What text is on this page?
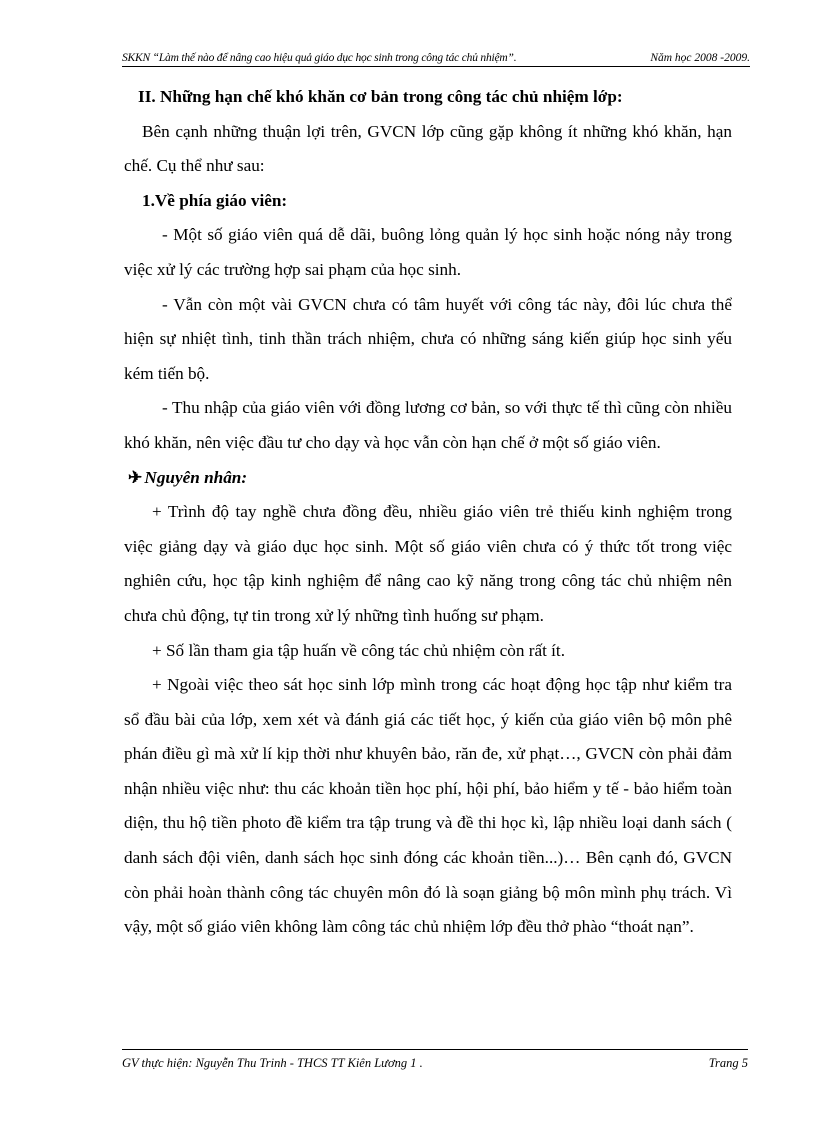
SKKN “Làm thế nào để nâng cao hiệu quả giáo dục học sinh trong công tác chủ nhiệm”.	Năm học 2008 -2009.

II. Những hạn chế khó khăn cơ bản trong công tác chủ nhiệm lớp:

Bên cạnh những thuận lợi trên, GVCN lớp cũng gặp không ít những khó khăn, hạn chế. Cụ thể như sau:

1.Về phía giáo viên:

- Một số giáo viên quá dễ dãi, buông lỏng quản lý học sinh hoặc nóng nảy trong việc xử lý các trường hợp sai phạm của học sinh.

- Vẫn còn một vài GVCN chưa có tâm huyết với công tác này, đôi lúc chưa thể hiện sự nhiệt tình, tinh thần trách nhiệm, chưa có những sáng kiến giúp học sinh yếu kém tiến bộ.

- Thu nhập của giáo viên với đồng lương cơ bản, so với thực tế thì cũng còn nhiều khó khăn, nên việc đầu tư cho dạy và học vẫn còn hạn chế ở một số giáo viên.

✈ Nguyên nhân:

+ Trình độ tay nghề chưa đồng đều, nhiều giáo viên trẻ thiếu kinh nghiệm trong việc giảng dạy và giáo dục học sinh. Một số giáo viên chưa có ý thức tốt trong việc nghiên cứu, học tập kinh nghiệm để nâng cao kỹ năng trong công tác chủ nhiệm nên chưa chủ động, tự tin trong xử lý những tình huống sư phạm.

+ Số lần tham gia tập huấn về công tác chủ nhiệm còn rất ít.

+ Ngoài việc theo sát học sinh lớp mình trong các hoạt động học tập như kiểm tra sổ đầu bài của lớp, xem xét và đánh giá các tiết học, ý kiến của giáo viên bộ môn phê phán điều gì mà xử lí kịp thời như khuyên bảo, răn đe, xử phạt…, GVCN còn phải đảm nhận nhiều việc như: thu các khoản tiền học phí, hội phí, bảo hiểm y tế - bảo hiểm toàn diện, thu hộ tiền photo đề kiểm tra tập trung và đề thi học kì, lập nhiều loại danh sách ( danh sách đội viên, danh sách học sinh đóng các khoản tiền...)… Bên cạnh đó, GVCN còn phải hoàn thành công tác chuyên môn đó là soạn giảng bộ môn mình phụ trách. Vì vậy, một số giáo viên không làm công tác chủ nhiệm lớp đều thở phào “thoát nạn”.

GV thực hiện: Nguyễn Thu Trinh - THCS TT Kiên Lương 1 .	Trang 5
